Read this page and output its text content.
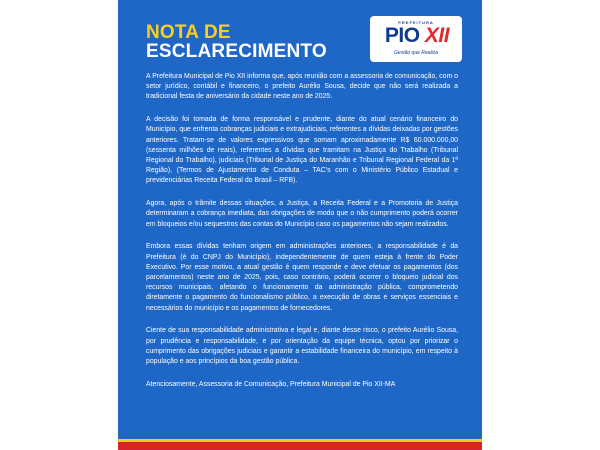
NOTA DE
ESCLARECIMENTO
PREFEITURA
PIO XII
Gestão que Realiza

A Prefeitura Municipal de Pio XII informa que, após reunião com a assessoria de comunicação, com o setor jurídico, contábil e financeiro, o prefeito Aurélio Sousa, decide que não será realizada a tradicional festa de aniversário da cidade neste ano de 2025.

A decisão foi tomada de forma responsável e prudente, diante do atual cenário financeiro do Município, que enfrenta cobranças judiciais e extrajudiciais, referentes a dívidas deixadas por gestões anteriores. Tratam-se de valores expressivos que somam aproximadamente R$ 60.000.000,00 (sessenta milhões de reais), referentes a dívidas que tramitam na Justiça do Trabalho (Tribunal Regional do Trabalho), judiciais (Tribunal de Justiça do Maranhão e Tribunal Regional Federal da 1ª Região), (Termos de Ajustamento de Conduta – TAC's com o Ministério Público Estadual e previdenciárias Receita Federal do Brasil – RFB).

Agora, após o trâmite dessas situações, a Justiça, a Receita Federal e a Promotoria de Justiça determinaram a cobrança imediata, das obrigações de modo que o não cumprimento poderá ocorrer em bloqueios e/ou sequestros das contas do Município caso os pagamentos não sejam realizados.

Embora essas dívidas tenham origem em administrações anteriores, a responsabilidade é da Prefeitura (é do CNPJ do Município), independentemente de quem esteja à frente do Poder Executivo. Por esse motivo, a atual gestão é quem responde e deve efetuar os pagamentos (dos parcelamentos) neste ano de 2025, pois, caso contrário, poderá ocorrer o bloqueio judicial dos recursos municipais, afetando o funcionamento da administração pública, comprometendo diretamente o pagamento do funcionalismo público, a execução de obras e serviços essenciais e necessários do município e os pagamentos de fornecedores.

Ciente de sua responsabilidade administrativa e legal e, diante desse risco, o prefeito Aurélio Sousa, por prudência e responsabilidade, e por orientação da equipe técnica, optou por priorizar o cumprimento das obrigações judiciais e garantir a estabilidade financeira do município, em respeito à população e aos princípios da boa gestão pública.

Atenciosamente, Assessoria de Comunicação, Prefeitura Municipal de Pio XII-MA
